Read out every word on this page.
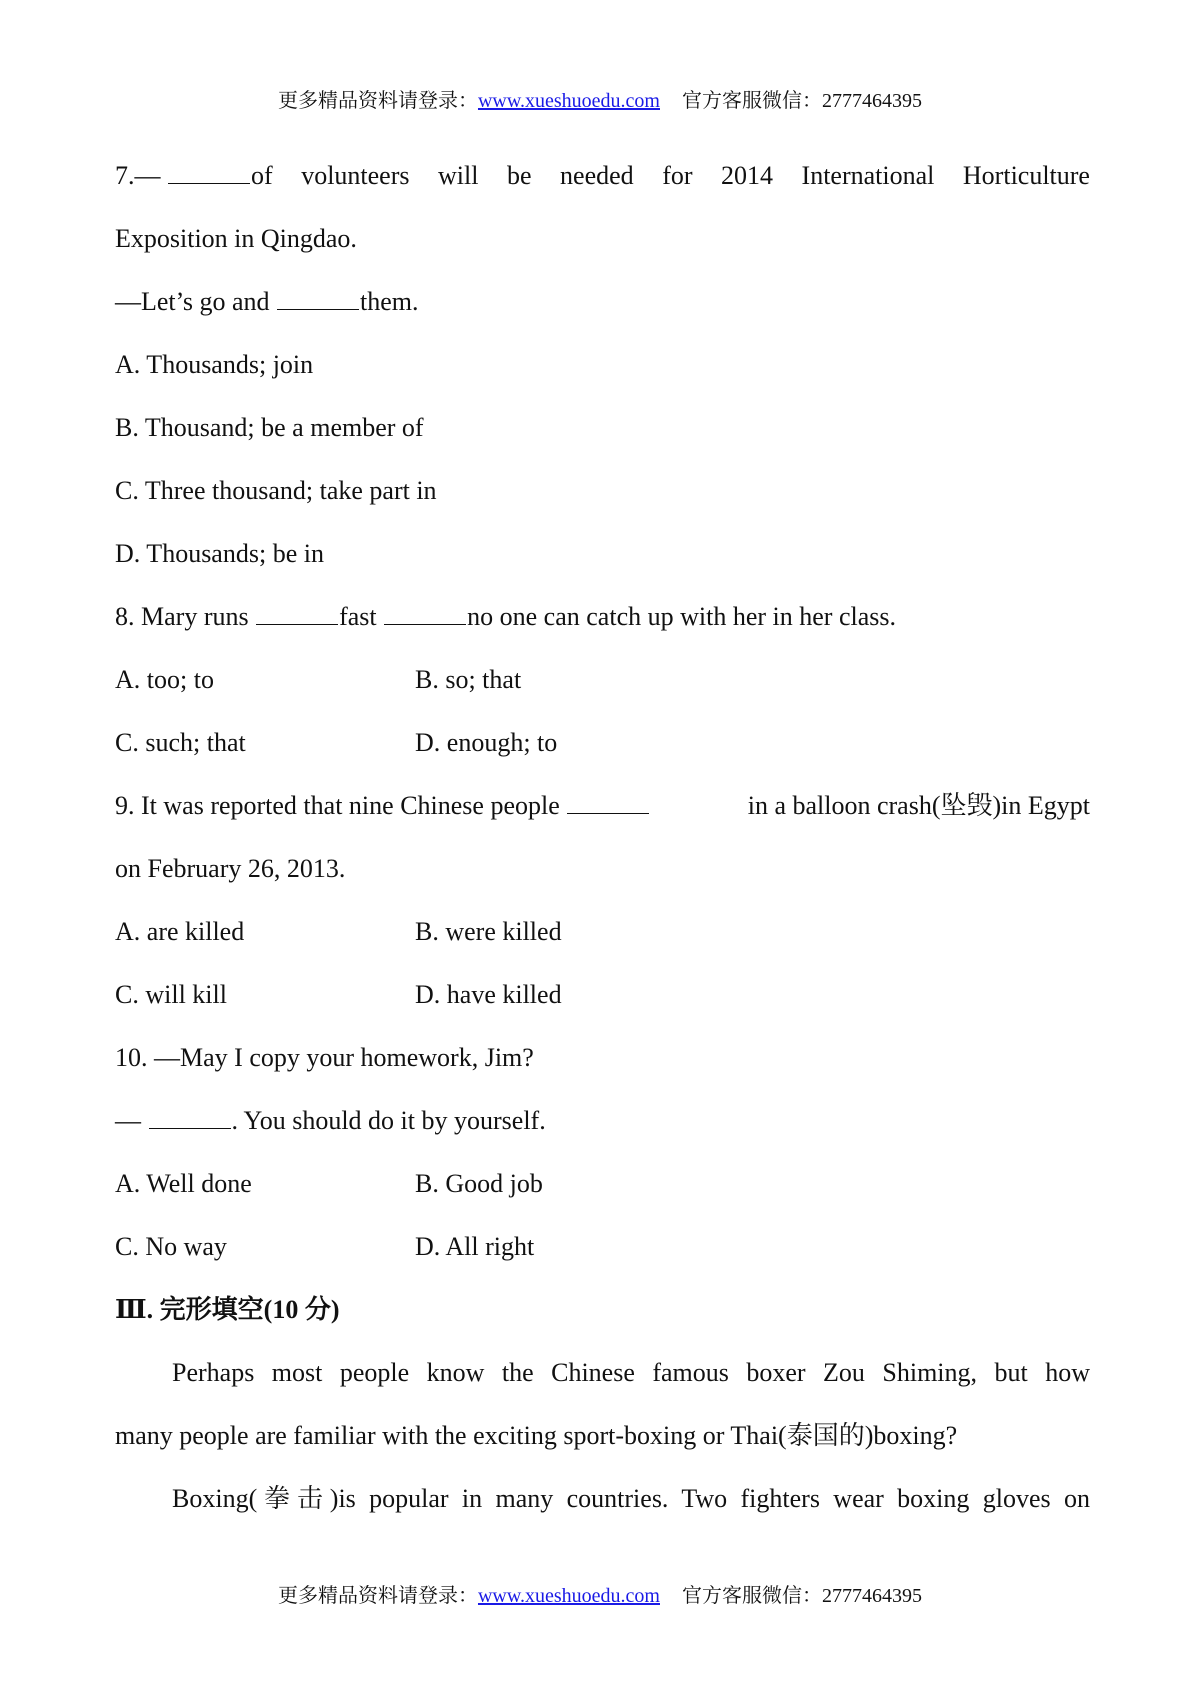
更多精品资料请登录：www.xueshuoedu.com 官方客服微信：2777464395
7.—	of volunteers will be needed for 2014 International Horticulture
Exposition in Qingdao.
—Let’s go and	them.
A. Thousands; join
B. Thousand; be a member of
C. Three thousand; take part in
D. Thousands; be in
8. Mary runs	fast	no one can catch up with her in her class.
A. too; to	B. so; that
C. such; that	D. enough; to
9. It was reported that nine Chinese people	in a balloon crash(坠毁)in Egypt
on February 26, 2013.
A. are killed	B. were killed
C. will kill	D. have killed
10. —May I copy your homework, Jim?
—	. You should do it by yourself.
A. Well done	B. Good job
C. No way	D. All right
Ⅲ. 完形填空(10 分)
Perhaps most people know the Chinese famous boxer Zou Shiming, but how
many people are familiar with the exciting sport-boxing or Thai(泰国的)boxing?
Boxing(拳击)is popular in many countries. Two fighters wear boxing gloves on
更多精品资料请登录：www.xueshuoedu.com 官方客服微信：2777464395
